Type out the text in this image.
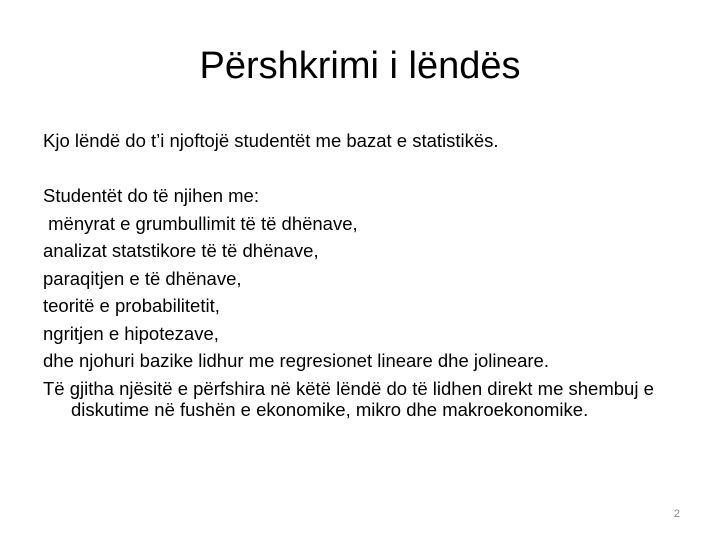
Përshkrimi i lëndës
Kjo lëndë do t’i njoftojë studentët me bazat e statistikës.
Studentët do të njihen me:
mënyrat e grumbullimit të të dhënave,
analizat statstikore të të dhënave,
paraqitjen e të dhënave,
teoritë e probabilitetit,
ngritjen e hipotezave,
dhe njohuri bazike lidhur me regresionet lineare dhe jolineare.
Të gjitha njësitë e përfshira në këtë lëndë do të lidhen direkt me shembuj e diskutime në fushën e ekonomike, mikro dhe makroekonomike.
2
